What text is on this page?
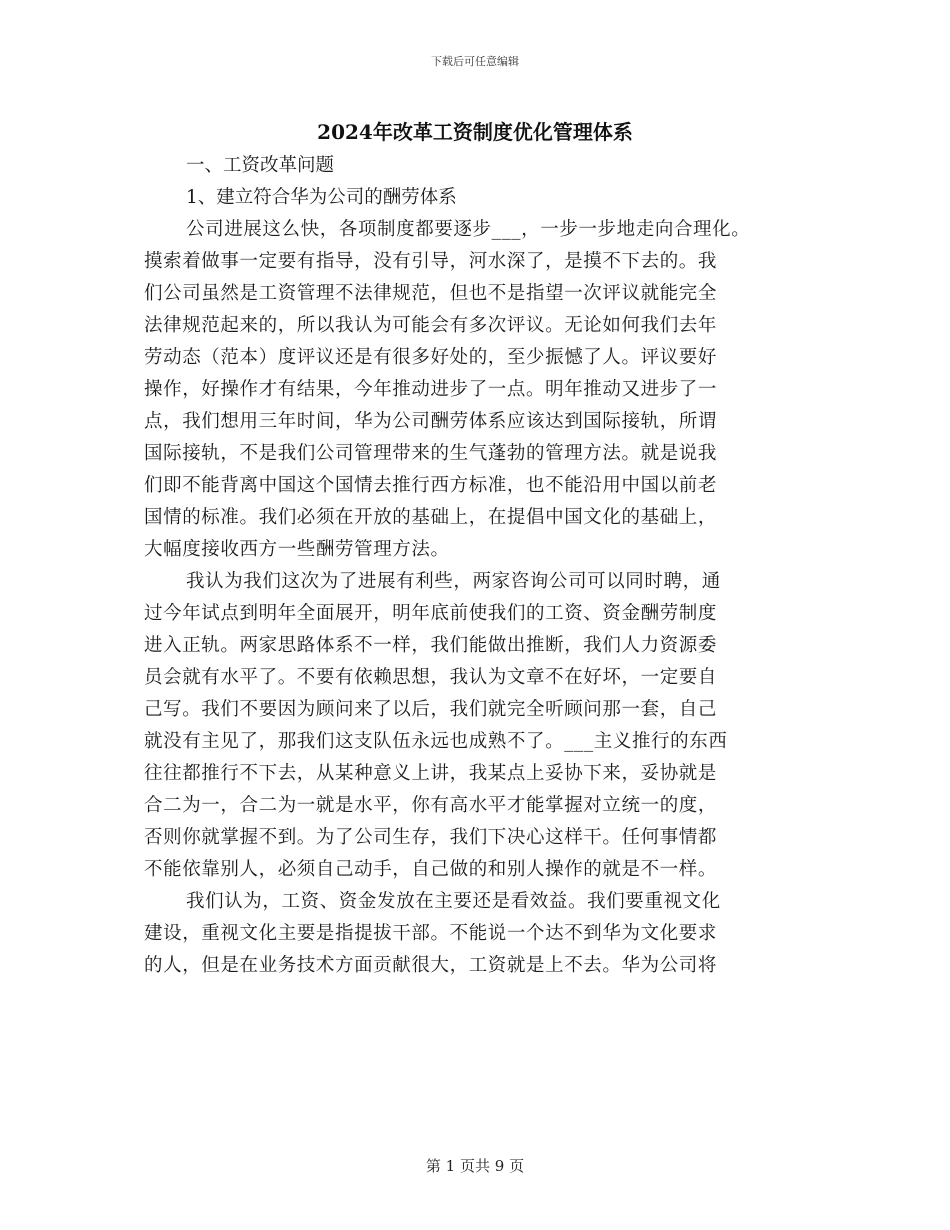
下载后可任意编辑
2024年改革工资制度优化管理体系
一、工资改革问题
1、建立符合华为公司的酬劳体系
公司进展这么快，各项制度都要逐步___，一步一步地走向合理化。
摸索着做事一定要有指导，没有引导，河水深了，是摸不下去的。我
们公司虽然是工资管理不法律规范，但也不是指望一次评议就能完全
法律规范起来的，所以我认为可能会有多次评议。无论如何我们去年
劳动态（范本）度评议还是有很多好处的，至少振憾了人。评议要好
操作，好操作才有结果，今年推动进步了一点。明年推动又进步了一
点，我们想用三年时间，华为公司酬劳体系应该达到国际接轨，所谓
国际接轨，不是我们公司管理带来的生气蓬勃的管理方法。就是说我
们即不能背离中国这个国情去推行西方标准，也不能沿用中国以前老
国情的标准。我们必须在开放的基础上，在提倡中国文化的基础上，
大幅度接收西方一些酬劳管理方法。
我认为我们这次为了进展有利些，两家咨询公司可以同时聘，通
过今年试点到明年全面展开，明年底前使我们的工资、资金酬劳制度
进入正轨。两家思路体系不一样，我们能做出推断，我们人力资源委
员会就有水平了。不要有依赖思想，我认为文章不在好坏，一定要自
己写。我们不要因为顾问来了以后，我们就完全听顾问那一套，自己
就没有主见了，那我们这支队伍永远也成熟不了。___主义推行的东西
往往都推行不下去，从某种意义上讲，我某点上妥协下来，妥协就是
合二为一，合二为一就是水平，你有高水平才能掌握对立统一的度，
否则你就掌握不到。为了公司生存，我们下决心这样干。任何事情都
不能依靠别人，必须自己动手，自己做的和别人操作的就是不一样。
我们认为，工资、资金发放在主要还是看效益。我们要重视文化
建设，重视文化主要是指提拔干部。不能说一个达不到华为文化要求
的人，但是在业务技术方面贡献很大，工资就是上不去。华为公司将
第 1 页共 9 页
